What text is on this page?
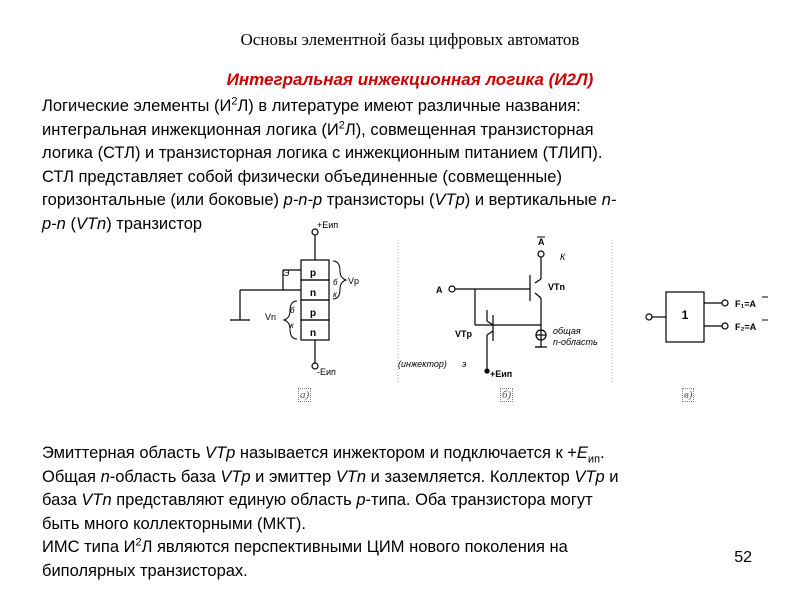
Основы элементной базы цифровых автоматов
Интегральная инжекционная логика (И2Л)
Логические элементы $(И^2Л)$ в литературе имеют различные названия:
интегральная инжекционная логика $(И^2Л)$, совмещенная транзисторная
логика (СТЛ) и транзисторная логика с инжекционным питанием (ТЛИП).
СТЛ представляет собой физически объединенные (совмещенные)
горизонтальные (или боковые) p-n-p транзисторы (VTp) и вертикальные n-
p-n (VTn) транзистор	+Еип
p
n
p
n
Э
Vp
б
к
Vn
б
к
-Еип
A
К
VTn
A
VTp	общая
n-область
(инжектор) э
+Еип
1
F₁=A
F₂=A
а)	б)	в)
Эмиттерная область VTp называется инжектором и подключается $к +E_{ип}$.
Общая n-область база VTp и эмиттер VTn и заземляется. Коллектор VTp и
база VTn представляют единую область p-типа. Оба транзистора могут
быть много коллекторными (МКТ).
ИМС типа $И^2Л$ являются перспективными ЦИМ нового поколения на
биполярных транзисторах.
52
